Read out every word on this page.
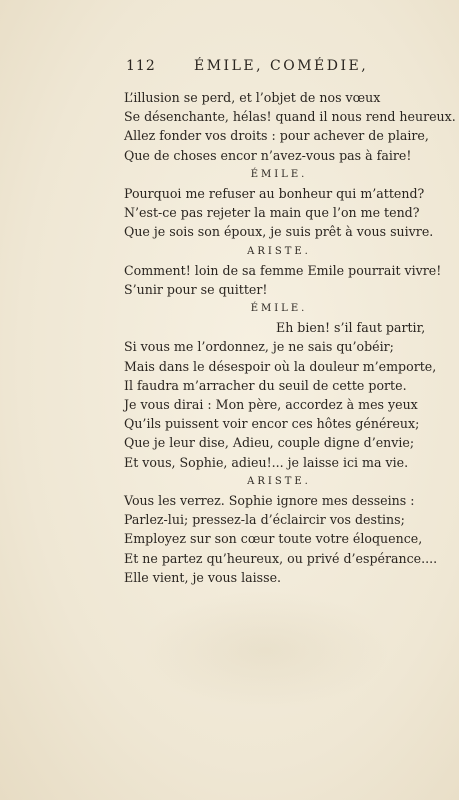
112	ÉMILE, COMÉDIE,
L’illusion se perd, et l’objet de nos vœux
Se désenchante, hélas! quand il nous rend heureux.
Allez fonder vos droits : pour achever de plaire,
Que de choses encor n’avez-vous pas à faire!
ÉMILE.
Pourquoi me refuser au bonheur qui m’attend?
N’est-ce pas rejeter la main que l’on me tend?
Que je sois son époux, je suis prêt à vous suivre.
ARISTE.
Comment! loin de sa femme Emile pourrait vivre!
S’unir pour se quitter!
ÉMILE.
Eh bien! s’il faut partir,
Si vous me l’ordonnez, je ne sais qu’obéir;
Mais dans le désespoir où la douleur m’emporte,
Il faudra m’arracher du seuil de cette porte.
Je vous dirai : Mon père, accordez à mes yeux
Qu’ils puissent voir encor ces hôtes généreux;
Que je leur dise, Adieu, couple digne d’envie;
Et vous, Sophie, adieu!... je laisse ici ma vie.
ARISTE.
Vous les verrez. Sophie ignore mes desseins :
Parlez-lui; pressez-la d’éclaircir vos destins;
Employez sur son cœur toute votre éloquence,
Et ne partez qu’heureux, ou privé d’espérance....
Elle vient, je vous laisse.
